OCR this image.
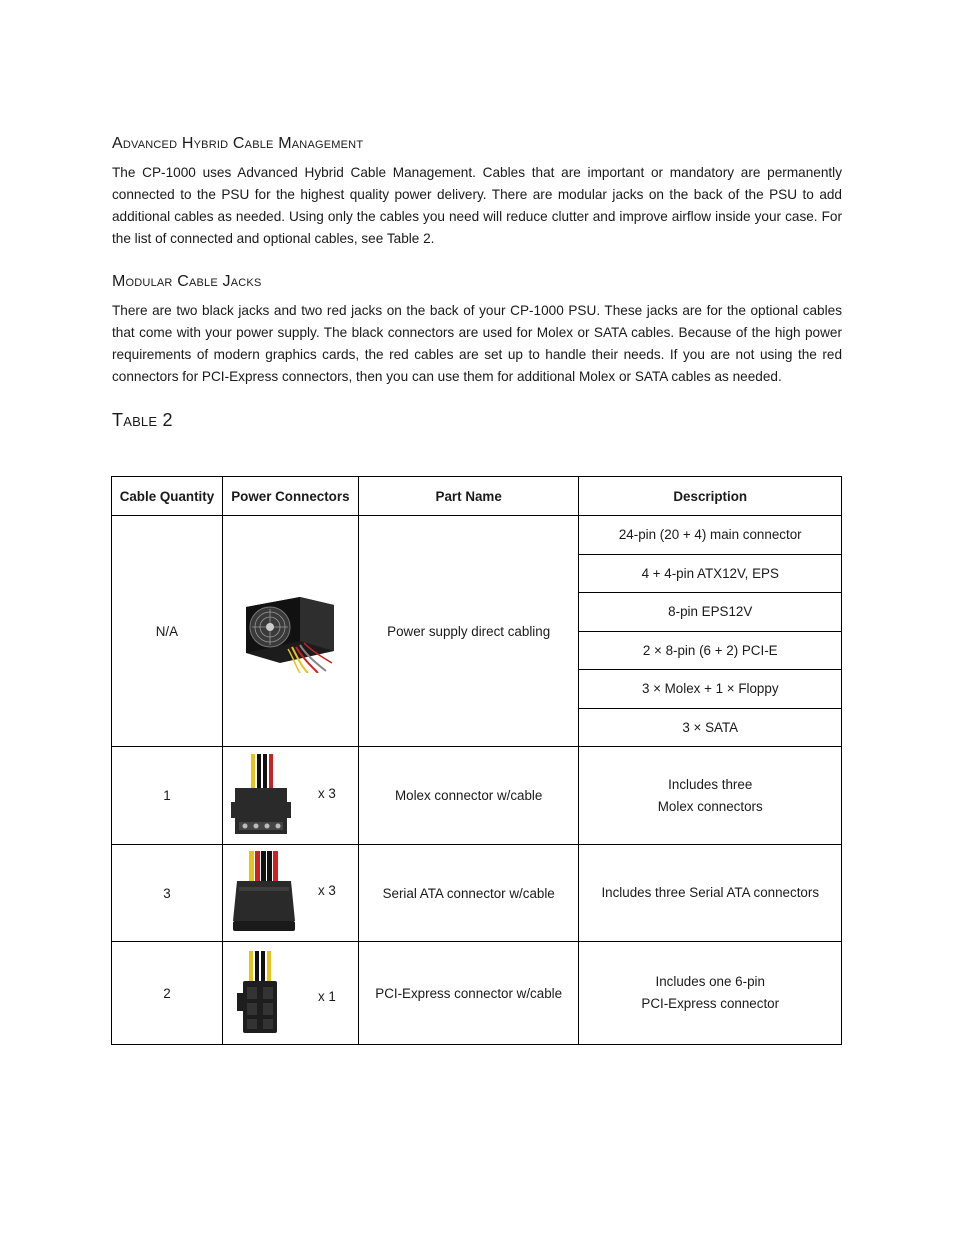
Advanced Hybrid Cable Management

The CP-1000 uses Advanced Hybrid Cable Management. Cables that are important or mandatory are permanently connected to the PSU for the highest quality power delivery. There are modular jacks on the back of the PSU to add additional cables as needed. Using only the cables you need will reduce clutter and improve airflow inside your case. For the list of connected and optional cables, see Table 2.

Modular Cable Jacks

There are two black jacks and two red jacks on the back of your CP-1000 PSU. These jacks are for the optional cables that come with your power supply. The black connectors are used for Molex or SATA cables. Because of the high power requirements of modern graphics cards, the red cables are set up to handle their needs. If you are not using the red connectors for PCI-Express connectors, then you can use them for additional Molex or SATA cables as needed.

Table 2
Cable Quantity	Power Connectors	Part Name	Description
N/A		Power supply direct cabling	24-pin (20 + 4) main connector
			4 + 4-pin ATX12V, EPS
			8-pin EPS12V
			2 × 8-pin (6 + 2) PCI-E
			3 × Molex + 1 × Floppy
			3 × SATA
1	x 3	Molex connector w/cable	Includes three
Molex connectors

3	x 3	Serial ATA connector w/cable	Includes three Serial ATA connectors

2	x 1	PCI-Express connector w/cable	Includes one 6-pin
PCI-Express connector
